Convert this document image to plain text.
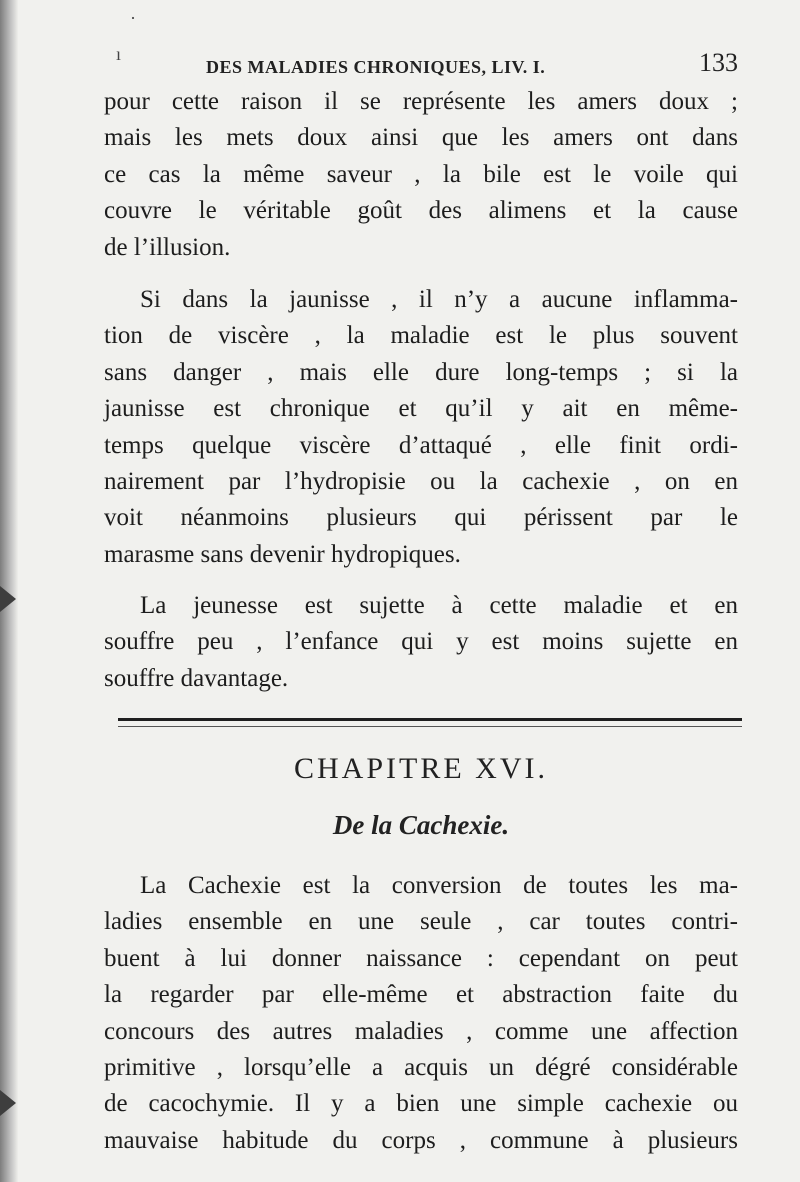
·
ı
DES MALADIES CHRONIQUES, LIV. I.	133

pour cette raison il se représente les amers doux ;

mais les mets doux ainsi que les amers ont dans

ce cas la même saveur , la bile est le voile qui

couvre le véritable goût des alimens et la cause

de l’illusion.

Si dans la jaunisse , il n’y a aucune inflamma-

tion de viscère , la maladie est le plus souvent

sans danger , mais elle dure long-temps ; si la

jaunisse est chronique et qu’il y ait en même-

temps quelque viscère d’attaqué , elle finit ordi-

nairement par l’hydropisie ou la cachexie , on en

voit néanmoins plusieurs qui périssent par le

marasme sans devenir hydropiques.

La jeunesse est sujette à cette maladie et en

souffre peu , l’enfance qui y est moins sujette en

souffre davantage.

CHAPITRE XVI.
De la Cachexie.

La Cachexie est la conversion de toutes les ma-

ladies ensemble en une seule , car toutes contri-

buent à lui donner naissance : cependant on peut

la regarder par elle-même et abstraction faite du

concours des autres maladies , comme une affection

primitive , lorsqu’elle a acquis un dégré considérable

de cacochymie. Il y a bien une simple cachexie ou

mauvaise habitude du corps , commune à plusieurs
